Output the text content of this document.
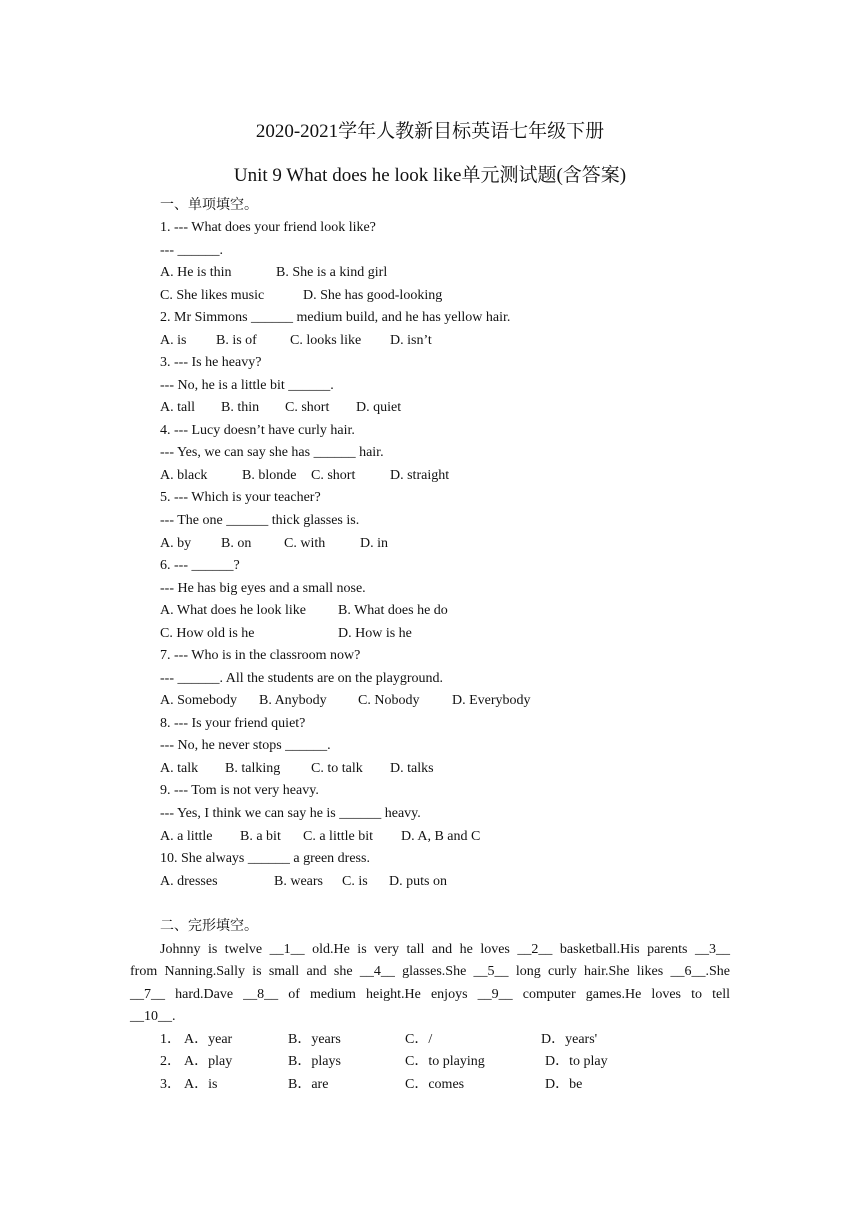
2020-2021学年人教新目标英语七年级下册
Unit 9 What does he look like单元测试题(含答案)
一、单项填空。
1. --- What does your friend look like?
--- ______.
A. He is thin	B. She is a kind girl
C. She likes music	D. She has good-looking
2. Mr Simmons ______ medium build, and he has yellow hair.
A. is B. is of C. looks like D. isn’t
3. --- Is he heavy?
--- No, he is a little bit ______.
A. tall B. thin C. short D. quiet
4. --- Lucy doesn’t have curly hair.
--- Yes, we can say she has ______ hair.
A. black B. blonde C. short D. straight
5. --- Which is your teacher?
--- The one ______ thick glasses is.
A. by B. on C. with D. in
6. --- ______?
--- He has big eyes and a small nose.
A. What does he look like B. What does he do
C. How old is he	D. How is he
7. --- Who is in the classroom now?
--- ______. All the students are on the playground.
A. Somebody B. Anybody C. Nobody D. Everybody
8. --- Is your friend quiet?
--- No, he never stops ______.
A. talk B. talking C. to talk D. talks
9. --- Tom is not very heavy.
--- Yes, I think we can say he is ______ heavy.
A. a little B. a bit C. a little bit D. A, B and C
10. She always ______ a green dress.
A. dresses	B. wears C. is D. puts on
二、完形填空。
Johnny is twelve __1__ old.He is very tall and he loves __2__ basketball.His parents __3__
from Nanning.Sally is small and she __4__ glasses.She __5__ long curly hair.She likes __6__.She
__7__ hard.Dave __8__ of medium height.He enjoys __9__ computer games.He loves to tell
__10__.
1． A．year	B．years	C．/	D．years'
2． A．play	B．plays	C．to playing	D．to play
3． A．is	B．are	C．comes	D．be
